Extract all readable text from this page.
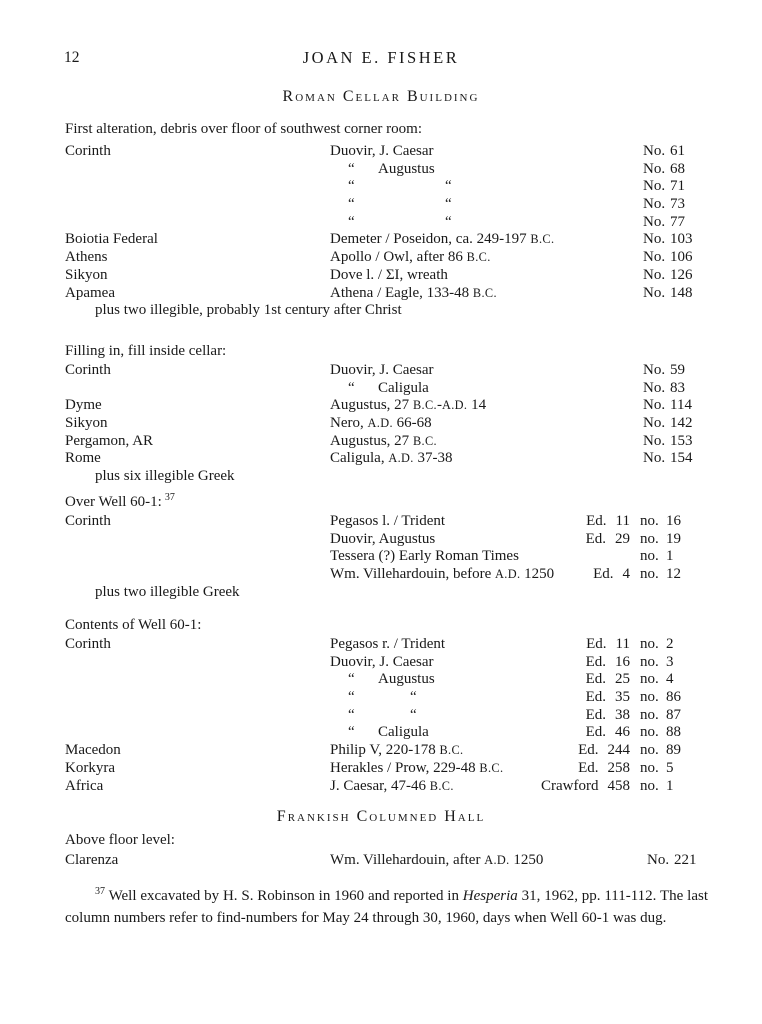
12	JOAN E. FISHER
Roman Cellar Building
First alteration, debris over floor of southwest corner room:
Corinth	Duovir, J. Caesar	No. 61
“ Augustus	No. 68
“	“	No. 71
“	“	No. 73
“	“	No. 77
Boiotia Federal	Demeter / Poseidon, ca. 249-197 B.C.	No. 103
Athens	Apollo / Owl, after 86 B.C.	No. 106
Sikyon	Dove l. / ΣΙ, wreath	No. 126
Apamea	Athena / Eagle, 133-48 B.C.	No. 148
plus two illegible, probably 1st century after Christ
Filling in, fill inside cellar:
Corinth	Duovir, J. Caesar	No. 59
“ Caligula	No. 83
Dyme	Augustus, 27 B.C.-A.D. 14	No. 114
Sikyon	Nero, A.D. 66-68	No. 142
Pergamon, AR	Augustus, 27 B.C.	No. 153
Rome	Caligula, A.D. 37-38	No. 154
plus six illegible Greek
Over Well 60-1: $^{37}$
Corinth	Pegasos l. / Trident	Ed. 11 no. 16
Duovir, Augustus	Ed. 29 no. 19
Tessera (?) Early Roman Times	no. 1
Wm. Villehardouin, before A.D. 1250	Ed. 4 no. 12
plus two illegible Greek
Contents of Well 60-1:
Corinth	Pegasos r. / Trident	Ed. 11 no. 2
Duovir, J. Caesar	Ed. 16 no. 3
“ Augustus	Ed. 25 no. 4
“	“	Ed. 35 no. 86
“	“	Ed. 38 no. 87
“ Caligula	Ed. 46 no. 88
Macedon	Philip V, 220-178 B.C.	Ed. 244 no. 89
Korkyra	Herakles / Prow, 229-48 B.C.	Ed. 258 no. 5
Africa	J. Caesar, 47-46 B.C.	Crawford 458 no. 1
Frankish Columned Hall
Above floor level:
Clarenza	Wm. Villehardouin, after A.D. 1250	No. 221

$^{37}$ Well excavated by H. S. Robinson in 1960 and reported in Hesperia 31, 1962, pp. 111-112. The last column numbers refer to find-numbers for May 24 through 30, 1960, days when Well 60-1 was dug.
